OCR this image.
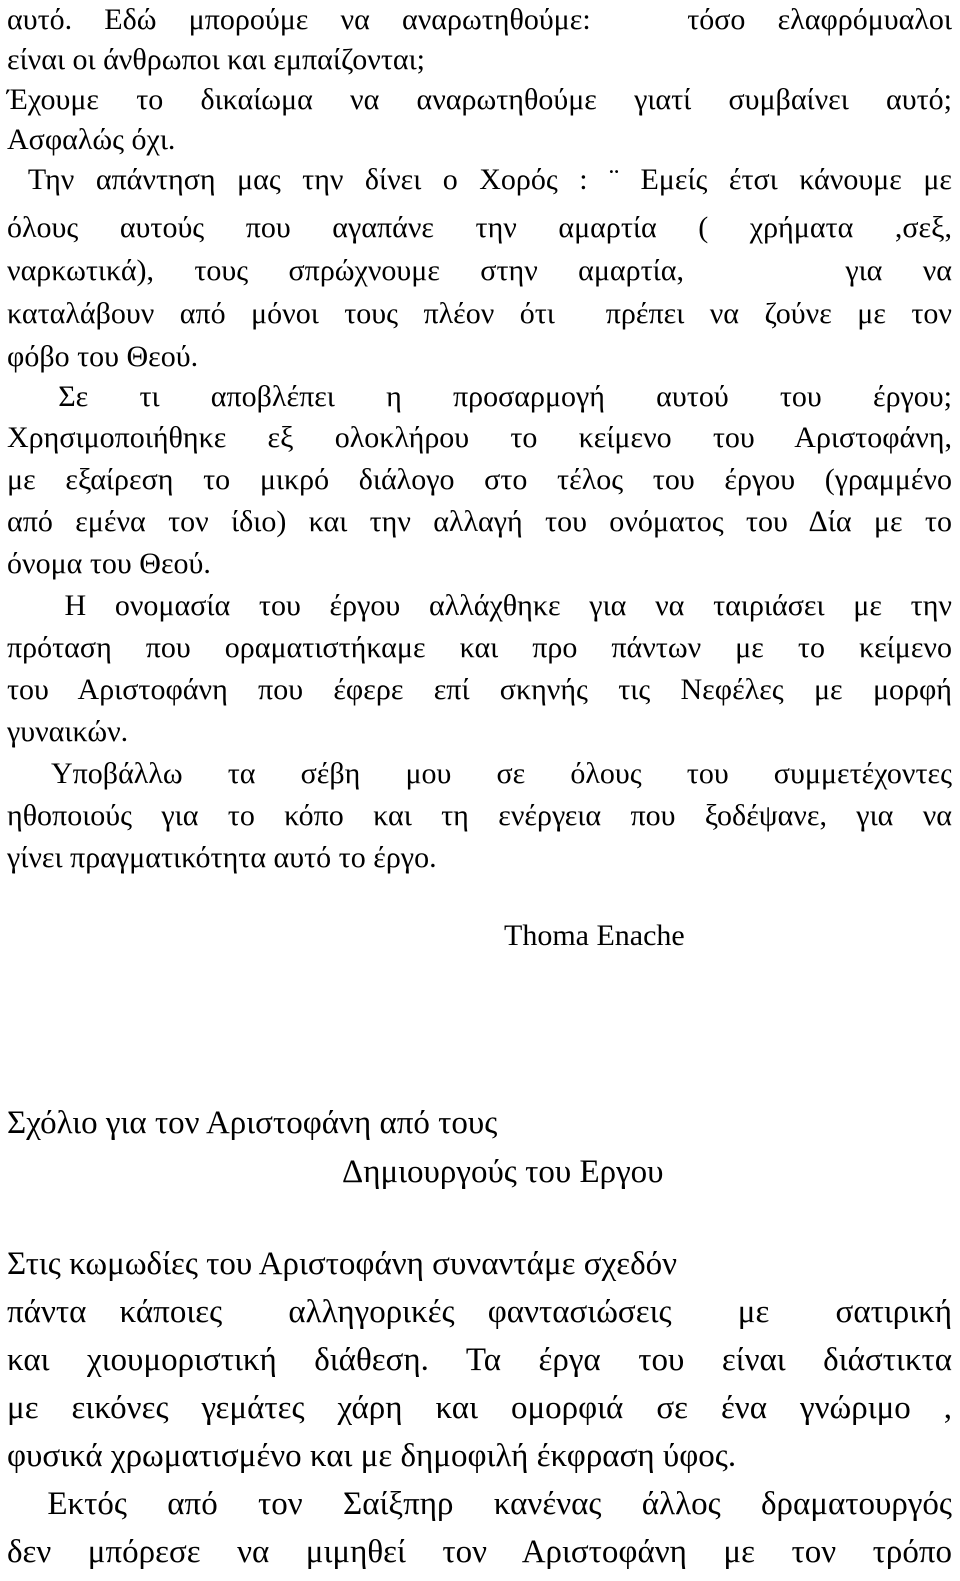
αυτό. Εδώ μπορούμε να αναρωτηθούμε:   τόσο ελαφρόμυαλοι

είναι οι άνθρωποι και εμπαίζονται;

Έχουμε το δικαίωμα να αναρωτηθούμε γιατί συμβαίνει αυτό;

Ασφαλώς όχι.

Την απάντηση μας την δίνει ο Χορός : ¨ Εμείς έτσι κάνουμε με

όλους αυτούς που αγαπάνε την αμαρτία ( χρήματα ,σεξ,

ναρκωτικά), τους σπρώχνουμε στην αμαρτία,    για να

καταλάβουν από μόνοι τους πλέον ότι  πρέπει να ζούνε με τον

φόβο του Θεού.

Σε τι αποβλέπει η προσαρμογή αυτού του έργου;

Χρησιμοποιήθηκε εξ ολοκλήρου το κείμενο του Αριστοφάνη,

με εξαίρεση το μικρό διάλογο στο τέλος του έργου (γραμμένο

από εμένα τον ίδιο) και την αλλαγή του ονόματος του Δία με το

όνομα του Θεού.

Η ονομασία του έργου αλλάχθηκε για να ταιριάσει με την

πρόταση που οραματιστήκαμε και προ πάντων με το κείμενο

του Αριστοφάνη που έφερε επί σκηνής τις Νεφέλες με μορφή

γυναικών.

Υποβάλλω τα σέβη μου σε όλους του συμμετέχοντες

ηθοποιούς για το κόπο και τη ενέργεια που ξοδέψανε, για να

γίνει πραγματικότητα αυτό το έργο.

Thoma Enache

Σχόλιο για τον Αριστοφάνη από τους

Δημιουργούς του Εργου

Στις κωμωδίες του Αριστοφάνη συναντάμε σχεδόν

πάντα κάποιες  αλληγορικές φαντασιώσεις  με  σατιρική

και χιουμοριστική διάθεση. Τα έργα του είναι διάστικτα

με εικόνες γεμάτες χάρη και ομορφιά σε ένα γνώριμο ,

φυσικά χρωματισμένο και με δημοφιλή έκφραση ύφος.

Εκτός από τον Σαίξπηρ κανένας άλλος δραματουργός

δεν μπόρεσε να μιμηθεί τον Αριστοφάνη με τον τρόπο
